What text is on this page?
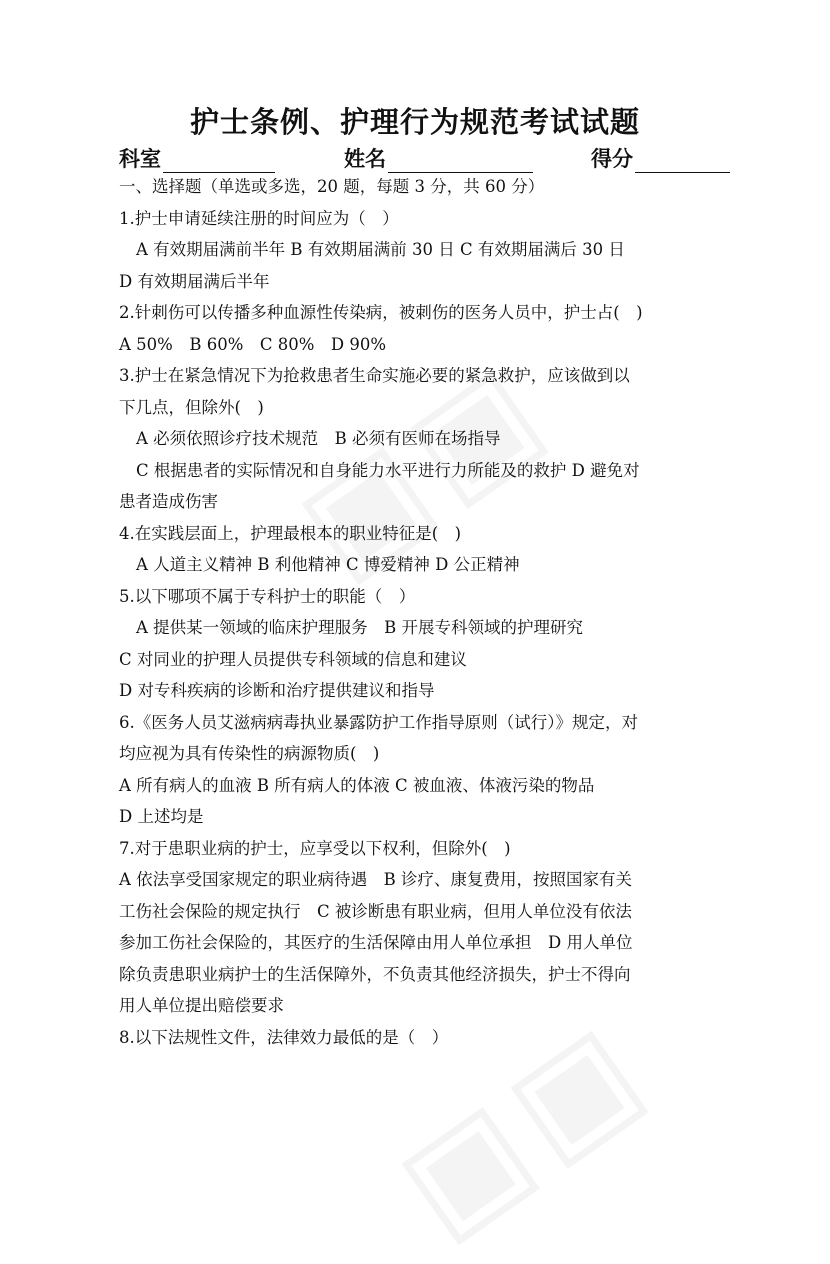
护士条例、护理行为规范考试试题
科室	姓名	得分
一、选择题（单选或多选，20 题，每题 3 分，共 60 分）
1.护士申请延续注册的时间应为（　）
A 有效期届满前半年 B 有效期届满前 30 日 C 有效期届满后 30 日
D 有效期届满后半年
2.针刺伤可以传播多种血源性传染病，被刺伤的医务人员中，护士占(　)
A 50%　B 60%　C 80%　D 90%
3.护士在紧急情况下为抢救患者生命实施必要的紧急救护，应该做到以
下几点，但除外(　)
A 必须依照诊疗技术规范　B 必须有医师在场指导
C 根据患者的实际情况和自身能力水平进行力所能及的救护 D 避免对
患者造成伤害
4.在实践层面上，护理最根本的职业特征是(　)
A 人道主义精神 B 利他精神 C 博爱精神 D 公正精神
5.以下哪项不属于专科护士的职能（　）
A 提供某一领域的临床护理服务　B 开展专科领域的护理研究
C 对同业的护理人员提供专科领域的信息和建议
D 对专科疾病的诊断和治疗提供建议和指导
6.《医务人员艾滋病病毒执业暴露防护工作指导原则（试行）》规定，对
均应视为具有传染性的病源物质(　)
A 所有病人的血液 B 所有病人的体液 C 被血液、体液污染的物品
D 上述均是
7.对于患职业病的护士，应享受以下权利，但除外(　)
A 依法享受国家规定的职业病待遇　B 诊疗、康复费用，按照国家有关
工伤社会保险的规定执行　C 被诊断患有职业病，但用人单位没有依法
参加工伤社会保险的，其医疗的生活保障由用人单位承担　D 用人单位
除负责患职业病护士的生活保障外，不负责其他经济损失，护士不得向
用人单位提出赔偿要求
8.以下法规性文件，法律效力最低的是（　）
